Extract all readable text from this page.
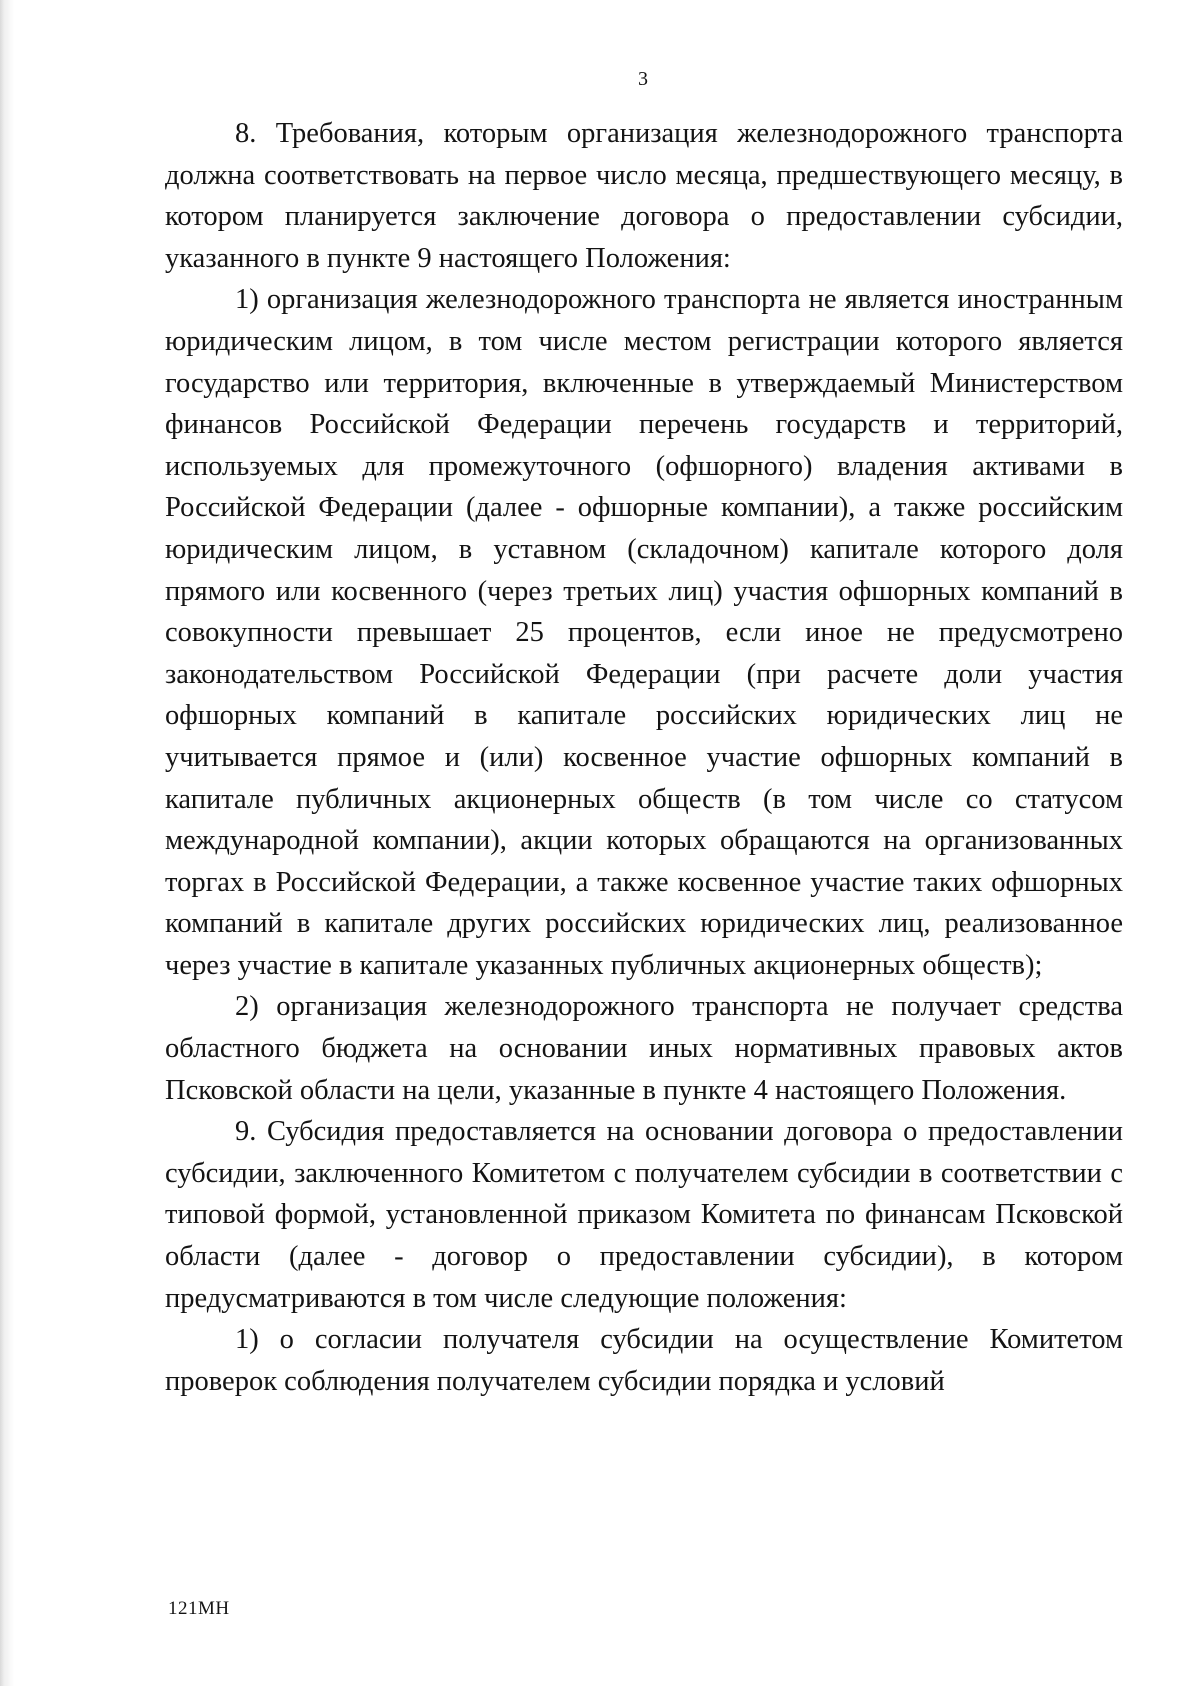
3

8. Требования, которым организация железнодорожного транспорта должна соответствовать на первое число месяца, предшествующего месяцу, в котором планируется заключение договора о предоставлении субсидии, указанного в пункте 9 настоящего Положения:

1) организация железнодорожного транспорта не является иностранным юридическим лицом, в том числе местом регистрации которого является государство или территория, включенные в утверждаемый Министерством финансов Российской Федерации перечень государств и территорий, используемых для промежуточного (офшорного) владения активами в Российской Федерации (далее - офшорные компании), а также российским юридическим лицом, в уставном (складочном) капитале которого доля прямого или косвенного (через третьих лиц) участия офшорных компаний в совокупности превышает 25 процентов, если иное не предусмотрено законодательством Российской Федерации (при расчете доли участия офшорных компаний в капитале российских юридических лиц не учитывается прямое и (или) косвенное участие офшорных компаний в капитале публичных акционерных обществ (в том числе со статусом международной компании), акции которых обращаются на организованных торгах в Российской Федерации, а также косвенное участие таких офшорных компаний в капитале других российских юридических лиц, реализованное через участие в капитале указанных публичных акционерных обществ);

2) организация железнодорожного транспорта не получает средства областного бюджета на основании иных нормативных правовых актов Псковской области на цели, указанные в пункте 4 настоящего Положения.

9. Субсидия предоставляется на основании договора о предоставлении субсидии, заключенного Комитетом с получателем субсидии в соответствии с типовой формой, установленной приказом Комитета по финансам Псковской области (далее - договор о предоставлении субсидии), в котором предусматриваются в том числе следующие положения:

1) о согласии получателя субсидии на осуществление Комитетом проверок соблюдения получателем субсидии порядка и условий

121МН
